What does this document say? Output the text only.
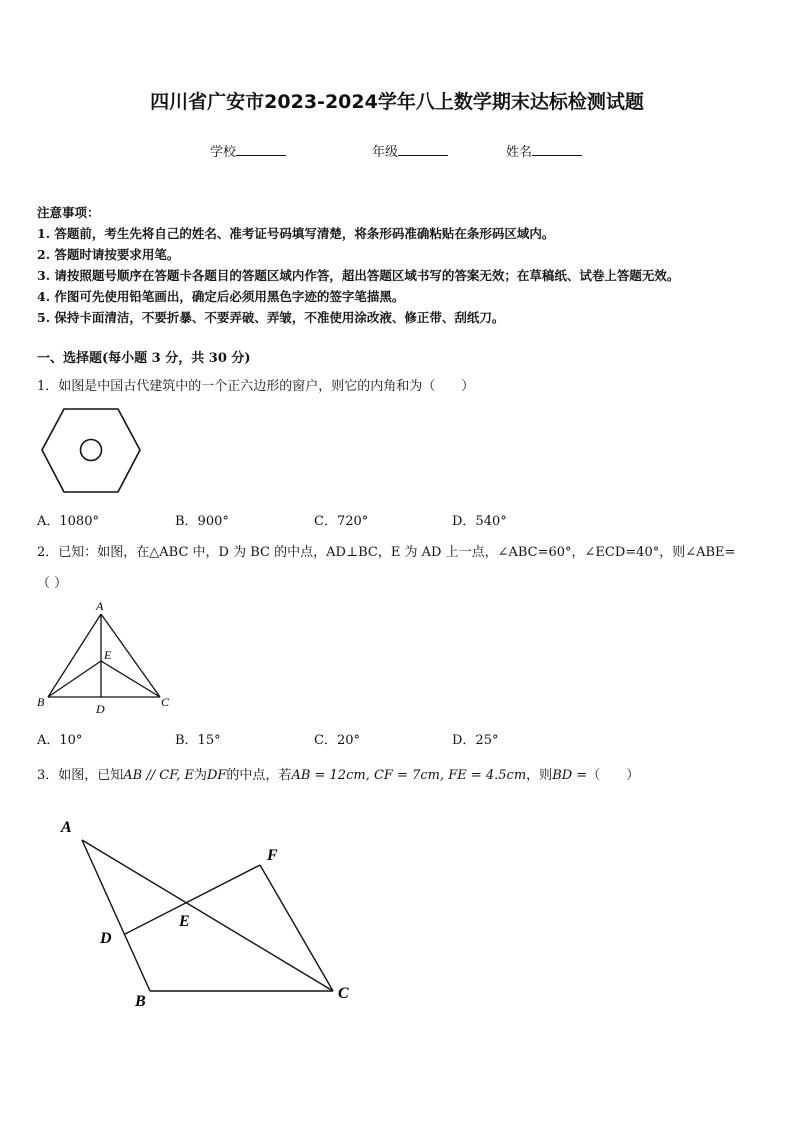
四川省广安市2023-2024学年八上数学期末达标检测试题
学校	年级	姓名
注意事项：
1. 答题前，考生先将自己的姓名、准考证号码填写清楚，将条形码准确粘贴在条形码区域内。
2. 答题时请按要求用笔。
3. 请按照题号顺序在答题卡各题目的答题区域内作答，超出答题区域书写的答案无效；在草稿纸、试卷上答题无效。
4. 作图可先使用铅笔画出，确定后必须用黑色字迹的签字笔描黑。
5. 保持卡面清洁，不要折暴、不要弄破、弄皱，不准使用涂改液、修正带、刮纸刀。
一、选择题(每小题 3 分，共 30 分)
1．如图是中国古代建筑中的一个正六边形的窗户，则它的内角和为（　　）
A．1080°	B．900°	C．720°	D．540°
2．已知：如图，在△ABC 中，D 为 BC 的中点，AD⊥BC，E 为 AD 上一点，∠ABC=60°，∠ECD=40°，则∠ABE=
（ ）
A
E
B	C
D
A．10°	B．15°	C．20°	D．25°
3．如图，已知AB // CF, E为DF的中点，若AB = 12cm, CF = 7cm, FE = 4.5cm，则BD =（　　）
A
F
E
D
B	C
